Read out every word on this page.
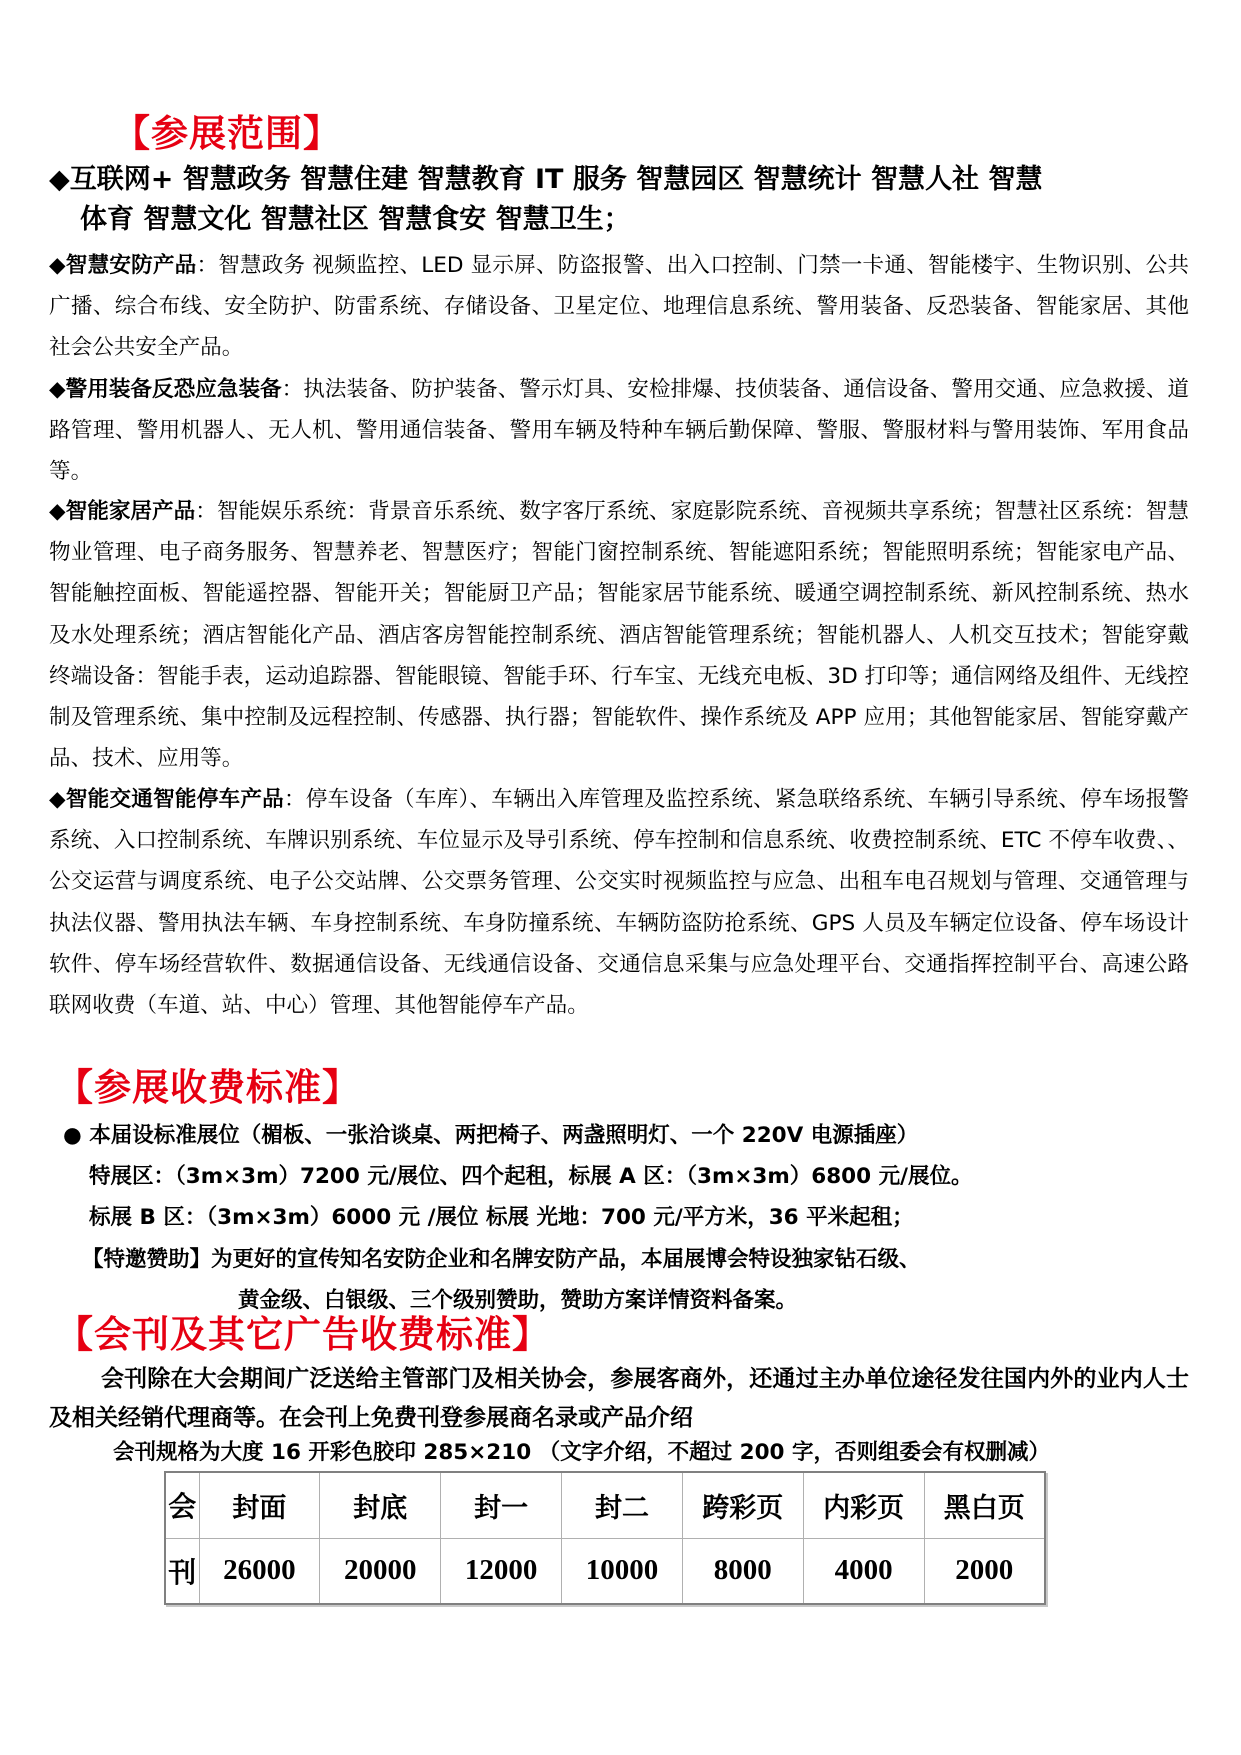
【参展范围】
◆互联网+ 智慧政务 智慧住建 智慧教育 IT 服务 智慧园区 智慧统计 智慧人社 智慧
体育 智慧文化 智慧社区 智慧食安 智慧卫生；
◆智慧安防产品：智慧政务 视频监控、LED 显示屏、防盗报警、出入口控制、门禁一卡通、智能楼宇、生物识别、公共广播、综合布线、安全防护、防雷系统、存储设备、卫星定位、地理信息系统、警用装备、反恐装备、智能家居、其他社会公共安全产品。
◆警用装备反恐应急装备：执法装备、防护装备、警示灯具、安检排爆、技侦装备、通信设备、警用交通、应急救援、道路管理、警用机器人、无人机、警用通信装备、警用车辆及特种车辆后勤保障、警服、警服材料与警用装饰、军用食品等。
◆智能家居产品：智能娱乐系统：背景音乐系统、数字客厅系统、家庭影院系统、音视频共享系统；智慧社区系统：智慧物业管理、电子商务服务、智慧养老、智慧医疗；智能门窗控制系统、智能遮阳系统；智能照明系统；智能家电产品、智能触控面板、智能遥控器、智能开关；智能厨卫产品；智能家居节能系统、暖通空调控制系统、新风控制系统、热水及水处理系统；酒店智能化产品、酒店客房智能控制系统、酒店智能管理系统；智能机器人、人机交互技术；智能穿戴终端设备：智能手表，运动追踪器、智能眼镜、智能手环、行车宝、无线充电板、3D 打印等；通信网络及组件、无线控制及管理系统、集中控制及远程控制、传感器、执行器；智能软件、操作系统及 APP 应用；其他智能家居、智能穿戴产品、技术、应用等。
◆智能交通智能停车产品：停车设备（车库）、车辆出入库管理及监控系统、紧急联络系统、车辆引导系统、停车场报警系统、入口控制系统、车牌识别系统、车位显示及导引系统、停车控制和信息系统、收费控制系统、ETC 不停车收费、、公交运营与调度系统、电子公交站牌、公交票务管理、公交实时视频监控与应急、出租车电召规划与管理、交通管理与执法仪器、警用执法车辆、车身控制系统、车身防撞系统、车辆防盗防抢系统、GPS 人员及车辆定位设备、停车场设计软件、停车场经营软件、数据通信设备、无线通信设备、交通信息采集与应急处理平台、交通指挥控制平台、高速公路联网收费（车道、站、中心）管理、其他智能停车产品。
【参展收费标准】
● 本届设标准展位（楣板、一张洽谈桌、两把椅子、两盏照明灯、一个 220V 电源插座）
特展区：（3m×3m）7200 元/展位、四个起租，标展 A 区：（3m×3m）6800 元/展位。
标展 B 区：（3m×3m）6000 元 /展位 标展 光地：700 元/平方米，36 平米起租；
【特邀赞助】为更好的宣传知名安防企业和名牌安防产品，本届展博会特设独家钻石级、
黄金级、白银级、三个级别赞助，赞助方案详情资料备案。
【会刊及其它广告收费标准】
会刊除在大会期间广泛送给主管部门及相关协会，参展客商外，还通过主办单位途径发往国内外的业内人士及相关经销代理商等。在会刊上免费刊登参展商名录或产品介绍
会刊规格为大度 16 开彩色胶印 285×210 （文字介绍，不超过 200 字，否则组委会有权删减）
会	封面	封底	封一	封二	跨彩页	内彩页	黑白页
刊	26000	20000	12000	10000	8000	4000	2000
